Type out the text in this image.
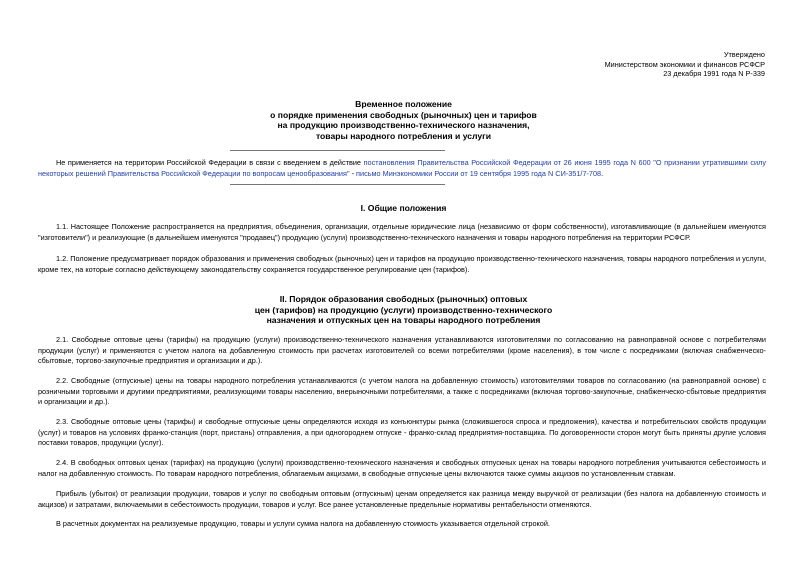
Утверждено
Министерством экономики и финансов РСФСР
23 декабря 1991 года N Р-339
Временное положение
о порядке применения свободных (рыночных) цен и тарифов
на продукцию производственно-технического назначения,
товары народного потребления и услуги
Не применяется на территории Российской Федерации в связи с введением в действие постановления Правительства Российской Федерации от 26 июня 1995 года N 600 "О признании утратившими силу некоторых решений Правительства Российской Федерации по вопросам ценообразования" - письмо Минэкономики России от 19 сентября 1995 года N СИ-351/7-708.
I. Общие положения
1.1. Настоящее Положение распространяется на предприятия, объединения, организации, отдельные юридические лица (независимо от форм собственности), изготавливающие (в дальнейшем именуются "изготовители") и реализующие (в дальнейшем именуются "продавец") продукцию (услуги) производственно-технического назначения и товары народного потребления на территории РСФСР.
1.2. Положение предусматривает порядок образования и применения свободных (рыночных) цен и тарифов на продукцию производственно-технического назначения, товары народного потребления и услуги, кроме тех, на которые согласно действующему законодательству сохраняется государственное регулирование цен (тарифов).
II. Порядок образования свободных (рыночных) оптовых
цен (тарифов) на продукцию (услуги) производственно-технического
назначения и отпускных цен на товары народного потребления
2.1. Свободные оптовые цены (тарифы) на продукцию (услуги) производственно-технического назначения устанавливаются изготовителями по согласованию на равноправной основе с потребителями продукции (услуг) и применяются с учетом налога на добавленную стоимость при расчетах изготовителей со всеми потребителями (кроме населения), в том числе с посредниками (включая снабженческо-сбытовые, торгово-закупочные предприятия и организации и др.).
2.2. Свободные (отпускные) цены на товары народного потребления устанавливаются (с учетом налога на добавленную стоимость) изготовителями товаров по согласованию (на равноправной основе) с розничными торговыми и другими предприятиями, реализующими товары населению, внерыночными потребителями, а также с посредниками (включая торгово-закупочные, снабженческо-сбытовые предприятия и организации и др.).
2.3. Свободные оптовые цены (тарифы) и свободные отпускные цены определяются исходя из конъюнктуры рынка (сложившегося спроса и предложения), качества и потребительских свойств продукции (услуг) и товаров на условиях франко-станция (порт, пристань) отправления, а при одногороднем отпуске - франко-склад предприятия-поставщика. По договоренности сторон могут быть приняты другие условия поставки товаров, продукции (услуг).
2.4. В свободных оптовых ценах (тарифах) на продукцию (услуги) производственно-технического назначения и свободных отпускных ценах на товары народного потребления учитываются себестоимость и налог на добавленную стоимость. По товарам народного потребления, облагаемым акцизами, в свободные отпускные цены включаются также суммы акцизов по установленным ставкам.
Прибыль (убыток) от реализации продукции, товаров и услуг по свободным оптовым (отпускным) ценам определяется как разница между выручкой от реализации (без налога на добавленную стоимость и акцизов) и затратами, включаемыми в себестоимость продукции, товаров и услуг. Все ранее установленные предельные нормативы рентабельности отменяются.
В расчетных документах на реализуемые продукцию, товары и услуги сумма налога на добавленную стоимость указывается отдельной строкой.
